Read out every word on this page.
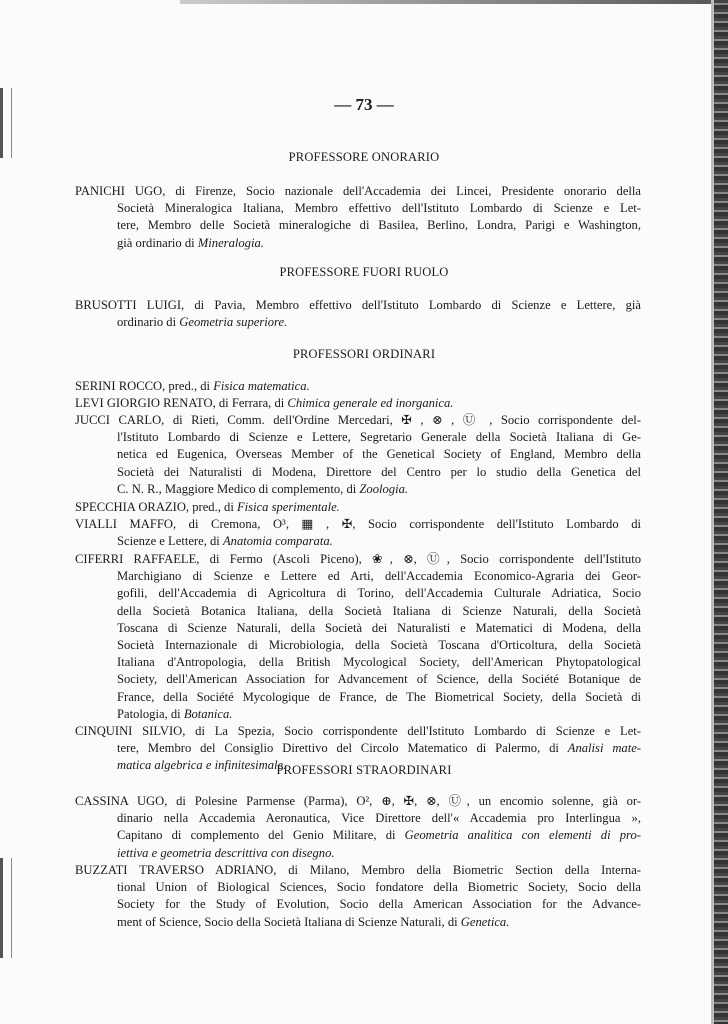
— 73 —
PROFESSORE ONORARIO
PANICHI UGO, di Firenze, Socio nazionale dell'Accademia dei Lincei, Presidente onorario della
Società Mineralogica Italiana, Membro effettivo dell'Istituto Lombardo di Scienze e Let-
tere, Membro delle Società mineralogiche di Basilea, Berlino, Londra, Parigi e Washington,
già ordinario di Mineralogia.
PROFESSORE FUORI RUOLO
BRUSOTTI LUIGI, di Pavia, Membro effettivo dell'Istituto Lombardo di Scienze e Lettere, già
ordinario di Geometria superiore.
PROFESSORI ORDINARI
SERINI ROCCO, pred., di Fisica matematica.
LEVI GIORGIO RENATO, di Ferrara, di Chimica generale ed inorganica.
JUCCI CARLO, di Rieti, Comm. dell'Ordine Mercedari, ✠ , ⊗ , Ⓤ , Socio corrispondente del-
l'Istituto Lombardo di Scienze e Lettere, Segretario Generale della Società Italiana di Ge-
netica ed Eugenica, Overseas Member of the Genetical Society of England, Membro della
Società dei Naturalisti di Modena, Direttore del Centro per lo studio della Genetica del
C. N. R., Maggiore Medico di complemento, di Zoologia.
SPECCHIA ORAZIO, pred., di Fisica sperimentale.
VIALLI MAFFO, di Cremona, O³, ▦ , ✠, Socio corrispondente dell'Istituto Lombardo di
Scienze e Lettere, di Anatomia comparata.
CIFERRI RAFFAELE, di Fermo (Ascoli Piceno), ❀, ⊗, Ⓤ, Socio corrispondente dell'Istituto
Marchigiano di Scienze e Lettere ed Arti, dell'Accademia Economico-Agraria dei Geor-
gofili, dell'Accademia di Agricoltura di Torino, dell'Accademia Culturale Adriatica, Socio
della Società Botanica Italiana, della Società Italiana di Scienze Naturali, della Società
Toscana di Scienze Naturali, della Società dei Naturalisti e Matematici di Modena, della
Società Internazionale di Microbiologia, della Società Toscana d'Orticoltura, della Società
Italiana d'Antropologia, della British Mycological Society, dell'American Phytopatological
Society, dell'American Association for Advancement of Science, della Société Botanique de
France, della Société Mycologique de France, de The Biometrical Society, della Società di
Patologia, di Botanica.
CINQUINI SILVIO, di La Spezia, Socio corrispondente dell'Istituto Lombardo di Scienze e Let-
tere, Membro del Consiglio Direttivo del Circolo Matematico di Palermo, di Analisi mate-
matica algebrica e infinitesimale.
PROFESSORI STRAORDINARI
CASSINA UGO, di Polesine Parmense (Parma), O², ⊕, ✠, ⊗, Ⓤ, un encomio solenne, già or-
dinario nella Accademia Aeronautica, Vice Direttore dell'« Accademia pro Interlingua »,
Capitano di complemento del Genio Militare, di Geometria analitica con elementi di pro-
iettiva e geometria descrittiva con disegno.
BUZZATI TRAVERSO ADRIANO, di Milano, Membro della Biometric Section della Interna-
tional Union of Biological Sciences, Socio fondatore della Biometric Society, Socio della
Society for the Study of Evolution, Socio della American Association for the Advance-
ment of Science, Socio della Società Italiana di Scienze Naturali, di Genetica.
